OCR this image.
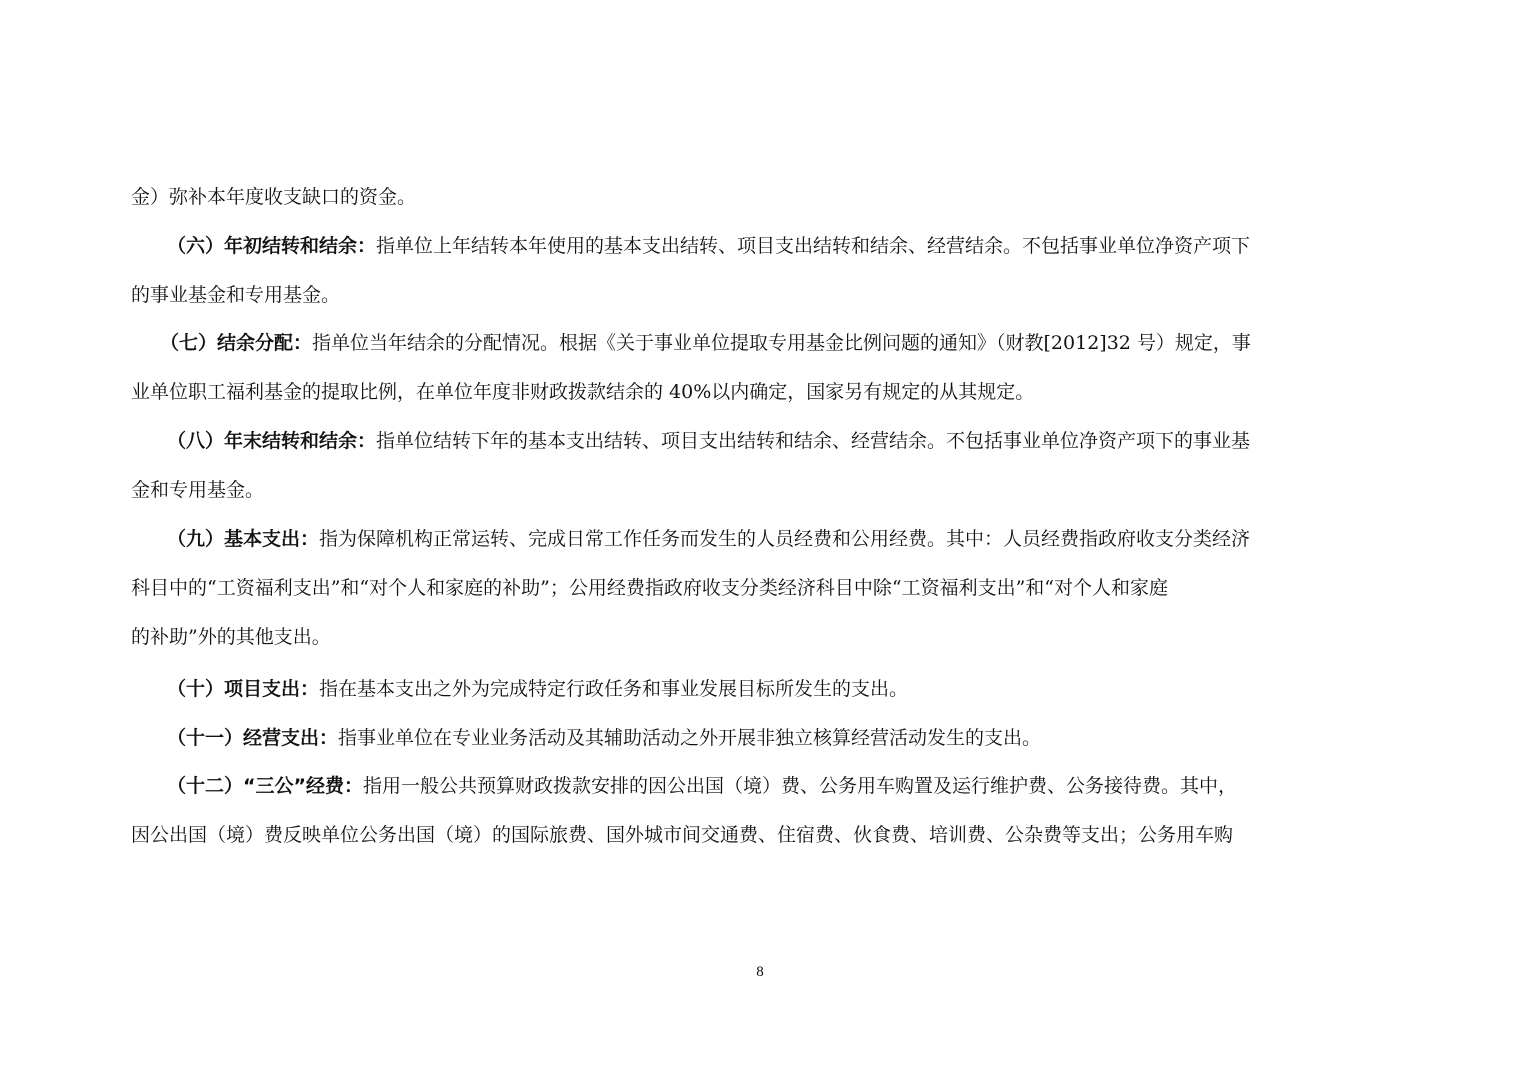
金）弥补本年度收支缺口的资金。
（六）年初结转和结余：指单位上年结转本年使用的基本支出结转、项目支出结转和结余、经营结余。不包括事业单位净资产项下
的事业基金和专用基金。
（七）结余分配：指单位当年结余的分配情况。根据《关于事业单位提取专用基金比例问题的通知》（财教[2012]32 号）规定，事
业单位职工福利基金的提取比例，在单位年度非财政拨款结余的 40%以内确定，国家另有规定的从其规定。
（八）年末结转和结余：指单位结转下年的基本支出结转、项目支出结转和结余、经营结余。不包括事业单位净资产项下的事业基
金和专用基金。
（九）基本支出：指为保障机构正常运转、完成日常工作任务而发生的人员经费和公用经费。其中：人员经费指政府收支分类经济
科目中的“工资福利支出”和“对个人和家庭的补助”；公用经费指政府收支分类经济科目中除“工资福利支出”和“对个人和家庭
的补助”外的其他支出。
（十）项目支出：指在基本支出之外为完成特定行政任务和事业发展目标所发生的支出。
（十一）经营支出：指事业单位在专业业务活动及其辅助活动之外开展非独立核算经营活动发生的支出。
（十二）“三公”经费：指用一般公共预算财政拨款安排的因公出国（境）费、公务用车购置及运行维护费、公务接待费。其中，
因公出国（境）费反映单位公务出国（境）的国际旅费、国外城市间交通费、住宿费、伙食费、培训费、公杂费等支出；公务用车购
8
